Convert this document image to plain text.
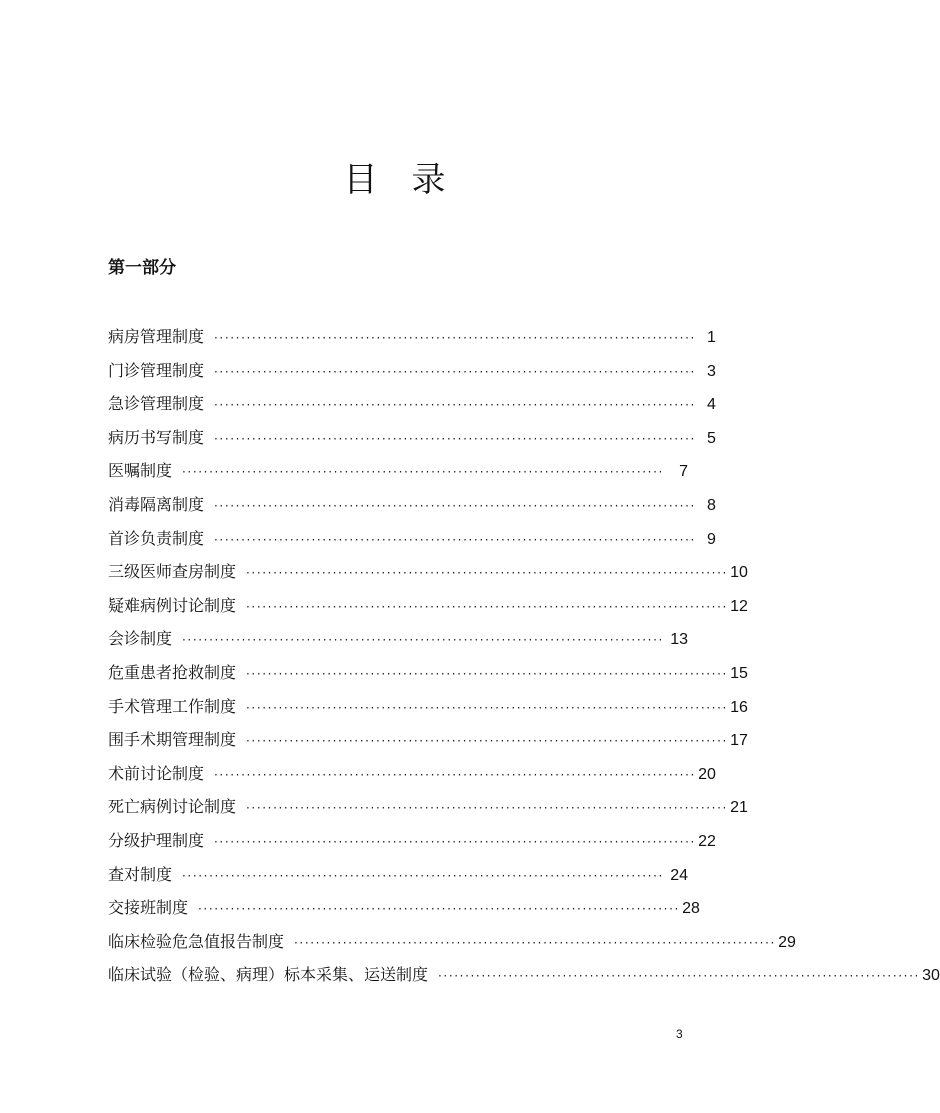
目　录
第一部分
病房管理制度 ························································································· 1
门诊管理制度 ························································································· 3
急诊管理制度 ························································································· 4
病历书写制度 ························································································· 5
医嘱制度 ························································································· 7
消毒隔离制度 ························································································· 8
首诊负责制度 ························································································· 9
三级医师查房制度 ························································································· 10
疑难病例讨论制度 ························································································· 12
会诊制度 ························································································· 13
危重患者抢救制度 ························································································· 15
手术管理工作制度 ························································································· 16
围手术期管理制度 ························································································· 17
术前讨论制度 ························································································· 20
死亡病例讨论制度 ························································································· 21
分级护理制度 ························································································· 22
查对制度 ························································································· 24
交接班制度 ························································································· 28
临床检验危急值报告制度 ························································································· 29
临床试验（检验、病理）标本采集、运送制度 ························································································· 30
3
